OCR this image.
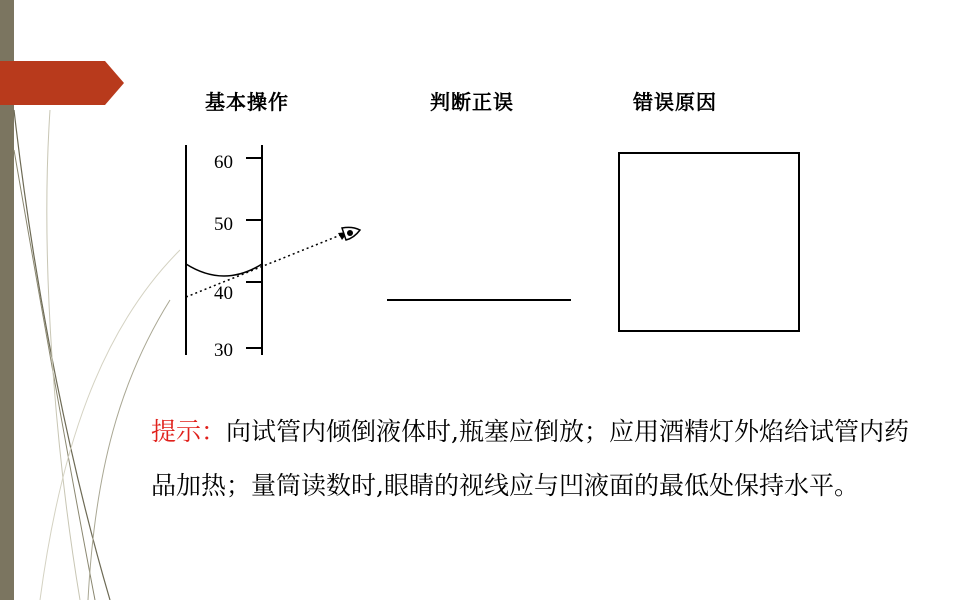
基本操作	判断正误	错误原因
60
50
40
30
提示：向试管内倾倒液体时,瓶塞应倒放；应用酒精灯外焰给试管内药品加热；量筒读数时,眼睛的视线应与凹液面的最低处保持水平。
